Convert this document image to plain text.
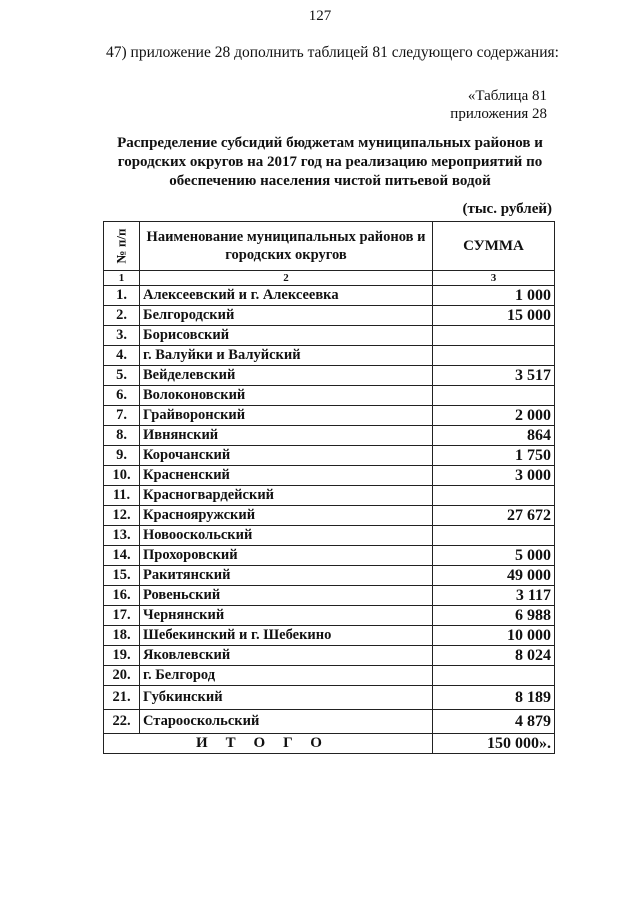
127
47) приложение 28 дополнить таблицей 81 следующего содержания:
«Таблица 81
приложения 28
Распределение субсидий бюджетам муниципальных районов и городских округов на 2017 год на реализацию мероприятий по обеспечению населения чистой питьевой водой
(тыс. рублей)
№ п/п	Наименование муниципальных районов и городских округов	СУММА
1	2	3
1.	Алексеевский и г. Алексеевка	1 000
2.	Белгородский	15 000
3.	Борисовский	
4.	г. Валуйки и Валуйский	
5.	Вейделевский	3 517
6.	Волоконовский	
7.	Грайворонский	2 000
8.	Ивнянский	864
9.	Корочанский	1 750
10.	Красненский	3 000
11.	Красногвардейский	
12.	Краснояружский	27 672
13.	Новооскольский	
14.	Прохоровский	5 000
15.	Ракитянский	49 000
16.	Ровеньский	3 117
17.	Чернянский	6 988
18.	Шебекинский и г. Шебекино	10 000
19.	Яковлевский	8 024
20.	г. Белгород	
21.	Губкинский	8 189
22.	Старооскольский	4 879
ИТОГО		150 000».
